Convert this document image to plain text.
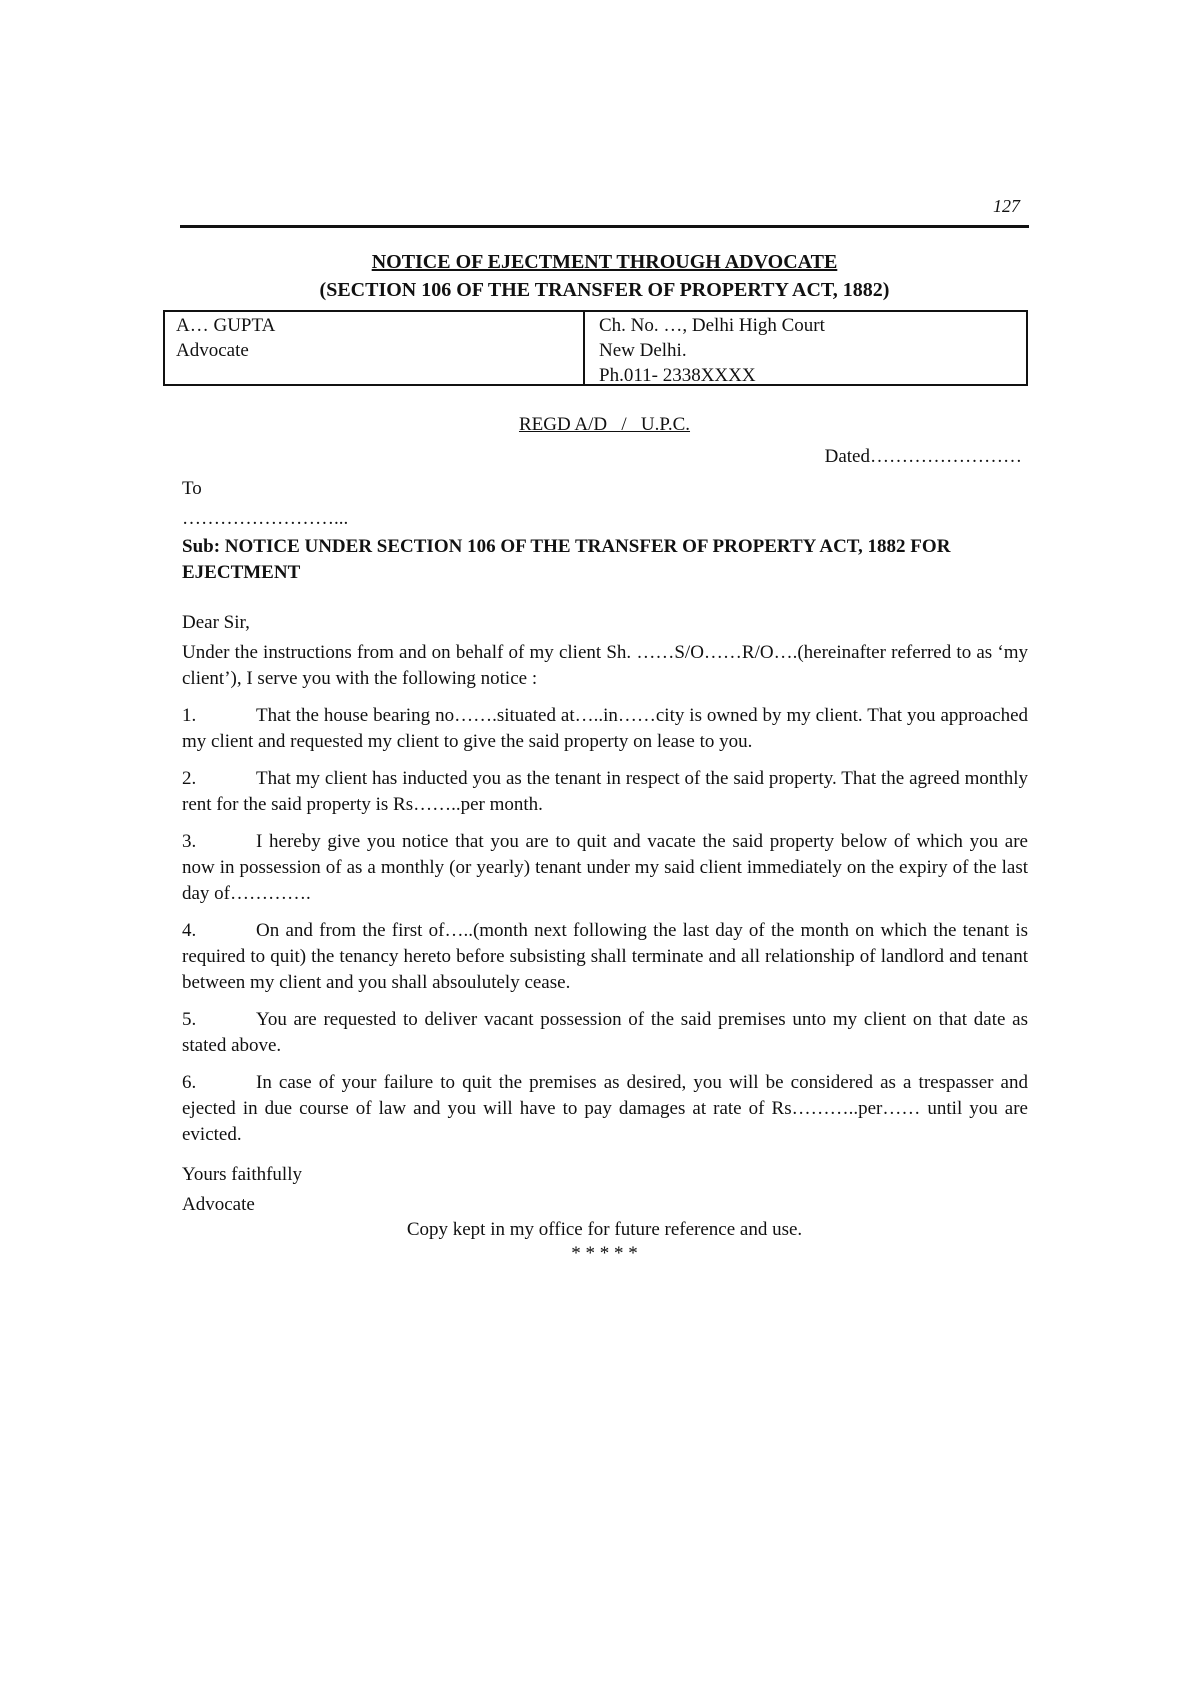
127
NOTICE OF EJECTMENT THROUGH ADVOCATE
(SECTION 106 OF THE TRANSFER OF PROPERTY ACT, 1882)
A… GUPTA
Advocate
Ch. No. …, Delhi High Court
New Delhi.
Ph.011- 2338XXXX
REGD A/D   /   U.P.C.
Dated……………………
To
……………………...
Sub: NOTICE UNDER SECTION 106 OF THE TRANSFER OF PROPERTY ACT, 1882 FOR EJECTMENT
Dear Sir,
Under the instructions from and on behalf of my client Sh. ……S/O……R/O….(hereinafter referred to as ‘my client’), I serve you with the following notice :

1.	That the house bearing no…….situated at…..in……city is owned by my client. That you approached my client and requested my client to give the said property on lease to you.

2.	That my client has inducted you as the tenant in respect of the said property. That the agreed monthly rent for the said property is Rs……..per month.

3.	I hereby give you notice that you are to quit and vacate the said property below of which you are now in possession of as a monthly (or yearly) tenant under my said client immediately on the expiry of the last day of………….

4.	On and from the first of…..(month next following the last day of the month on which the tenant is required to quit) the tenancy hereto before subsisting shall terminate and all relationship of landlord and tenant between my client and you shall absoulutely cease.

5.	You are requested to deliver vacant possession of the said premises unto my client on that date as stated above.

6.	In case of your failure to quit the premises as desired, you will be considered as a trespasser and ejected in due course of law and you will have to pay damages at rate of Rs………..per…… until you are evicted.

Yours faithfully
Advocate
Copy kept in my office for future reference and use.
* * * * *
